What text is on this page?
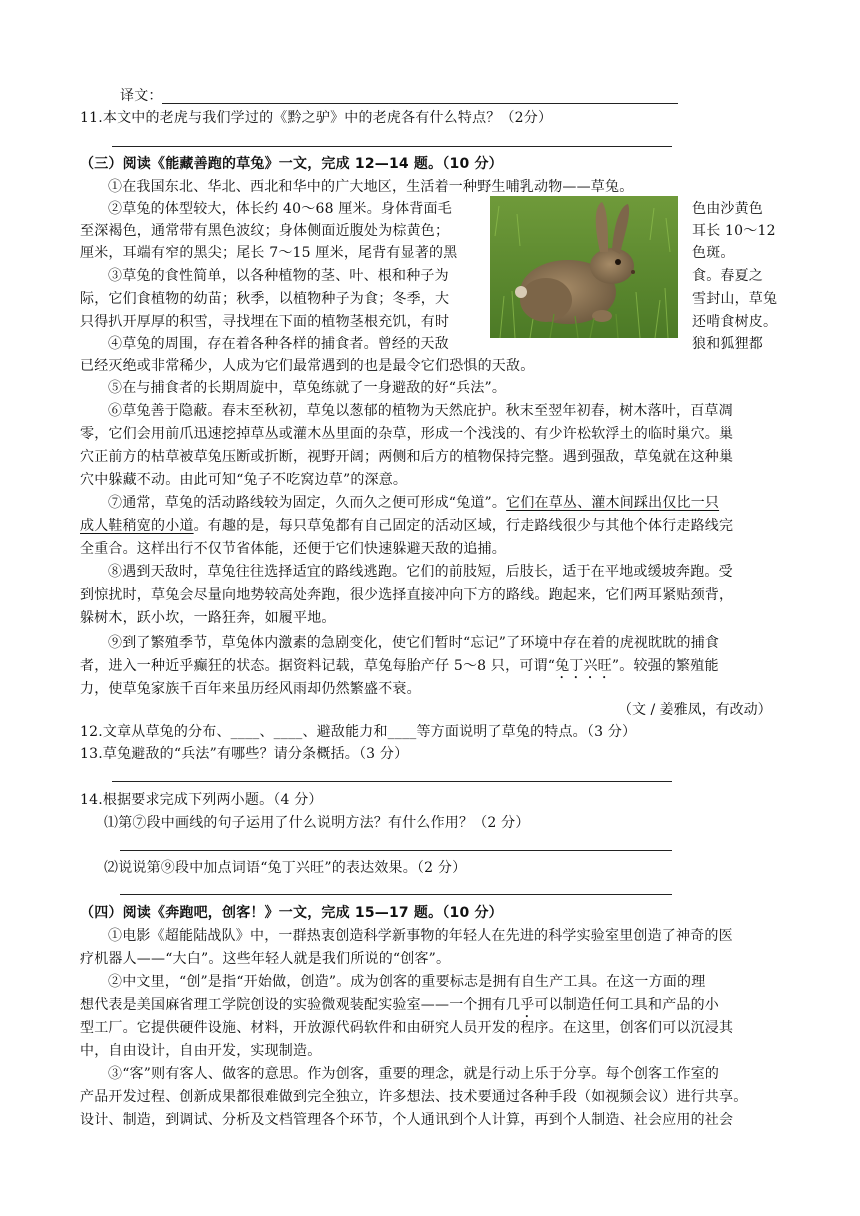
译文：
11.本文中的老虎与我们学过的《黔之驴》中的老虎各有什么特点？（2分）
（三）阅读《能藏善跑的草兔》一文，完成 12—14 题。（10 分）
①在我国东北、华北、西北和华中的广大地区，生活着一种野生哺乳动物——草兔。
②草兔的体型较大，体长约 40～68 厘米。身体背面毛	色由沙黄色
至深褐色，通常带有黑色波纹；身体侧面近腹处为棕黄色；	耳长 10～12
厘米，耳端有窄的黑尖；尾长 7～15 厘米，尾背有显著的黑	色斑。
③草兔的食性简单，以各种植物的茎、叶、根和种子为	食。春夏之
际，它们食植物的幼苗；秋季，以植物种子为食；冬季，大	雪封山，草兔
只得扒开厚厚的积雪，寻找埋在下面的植物茎根充饥，有时	还啃食树皮。
④草兔的周围，存在着各种各样的捕食者。曾经的天敌	狼和狐狸都
已经灭绝或非常稀少，人成为它们最常遇到的也是最令它们恐惧的天敌。
⑤在与捕食者的长期周旋中，草兔练就了一身避敌的好“兵法”。
⑥草兔善于隐蔽。春末至秋初，草兔以葱郁的植物为天然庇护。秋末至翌年初春，树木落叶，百草凋
零，它们会用前爪迅速挖掉草丛或灌木丛里面的杂草，形成一个浅浅的、有少许松软浮土的临时巢穴。巢
穴正前方的枯草被草兔压断或折断，视野开阔；两侧和后方的植物保持完整。遇到强敌，草兔就在这种巢
穴中躲藏不动。由此可知“兔子不吃窝边草”的深意。
⑦通常，草兔的活动路线较为固定，久而久之便可形成“兔道”。它们在草丛、灌木间踩出仅比一只
成人鞋稍宽的小道。有趣的是，每只草兔都有自己固定的活动区域，行走路线很少与其他个体行走路线完
全重合。这样出行不仅节省体能，还便于它们快速躲避天敌的追捕。
⑧遇到天敌时，草兔往往选择适宜的路线逃跑。它们的前肢短，后肢长，适于在平地或缓坡奔跑。受
到惊扰时，草兔会尽量向地势较高处奔跑，很少选择直接冲向下方的路线。跑起来，它们两耳紧贴颈背，
躲树木，跃小坎，一路狂奔，如履平地。
⑨到了繁殖季节，草兔体内激素的急剧变化，使它们暂时“忘记”了环境中存在着的虎视眈眈的捕食
者，进入一种近乎癫狂的状态。据资料记载，草兔每胎产仔 5～8 只，可谓“兔丁兴旺”。较强的繁殖能
力，使草兔家族千百年来虽历经风雨却仍然繁盛不衰。
（文 / 姜雅凤，有改动）
12.文章从草兔的分布、____、____、避敌能力和____等方面说明了草兔的特点。（3 分）
13.草兔避敌的“兵法”有哪些？请分条概括。（3 分）
14.根据要求完成下列两小题。（4 分）
⑴第⑦段中画线的句子运用了什么说明方法？有什么作用？（2 分）
⑵说说第⑨段中加点词语“兔丁兴旺”的表达效果。（2 分）
（四）阅读《奔跑吧，创客！》一文，完成 15—17 题。（10 分）
①电影《超能陆战队》中，一群热衷创造科学新事物的年轻人在先进的科学实验室里创造了神奇的医
疗机器人——“大白”。这些年轻人就是我们所说的“创客”。
②中文里，“创”是指“开始做，创造”。成为创客的重要标志是拥有自生产工具。在这一方面的理
想代表是美国麻省理工学院创设的实验微观装配实验室——一个拥有几乎可以制造任何工具和产品的小
型工厂。它提供硬件设施、材料，开放源代码软件和由研究人员开发的程序。在这里，创客们可以沉浸其
中，自由设计，自由开发，实现制造。
③“客”则有客人、做客的意思。作为创客，重要的理念，就是行动上乐于分享。每个创客工作室的
产品开发过程、创新成果都很难做到完全独立，许多想法、技术要通过各种手段（如视频会议）进行共享。
设计、制造，到调试、分析及文档管理各个环节，个人通讯到个人计算，再到个人制造、社会应用的社会
